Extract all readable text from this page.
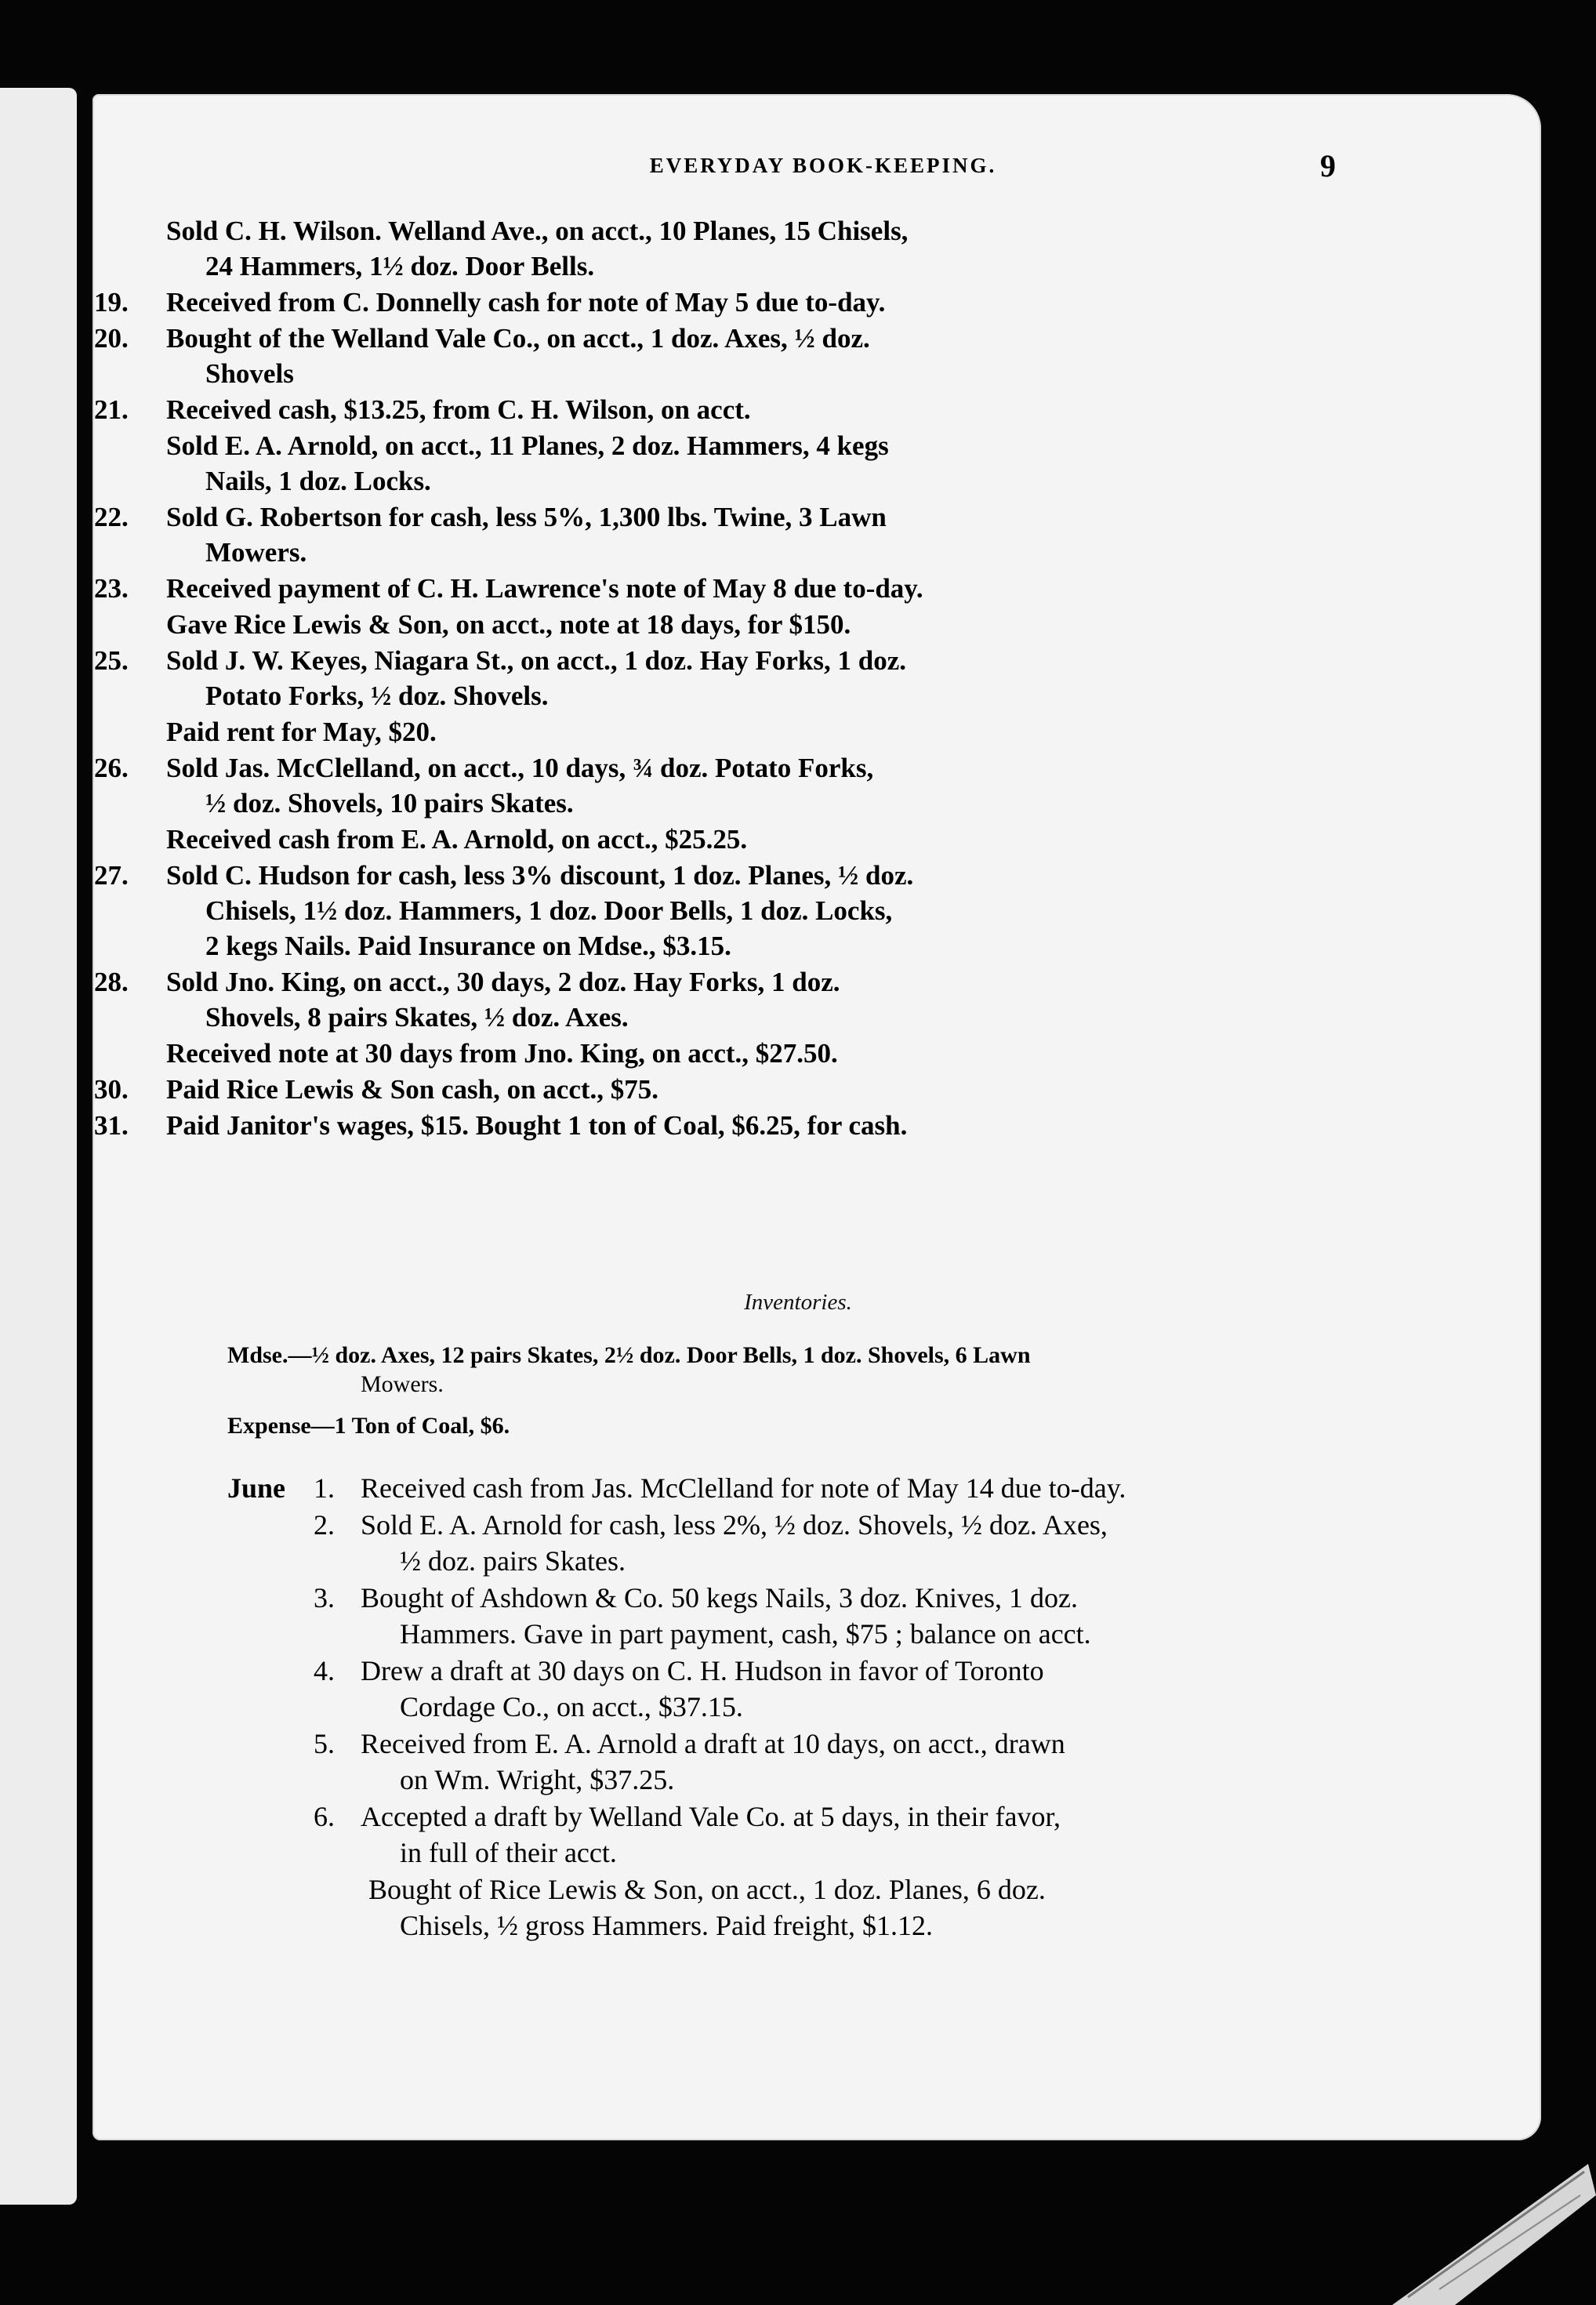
EVERYDAY BOOK-KEEPING.	9
Sold C. H. Wilson. Welland Ave., on acct., 10 Planes, 15 Chisels,
24 Hammers, 1½ doz. Door Bells.
19.	Received from C. Donnelly cash for note of May 5 due to-day.
20.	Bought of the Welland Vale Co., on acct., 1 doz. Axes, ½ doz.
Shovels
21.	Received cash, $13.25, from C. H. Wilson, on acct.
Sold E. A. Arnold, on acct., 11 Planes, 2 doz. Hammers, 4 kegs
Nails, 1 doz. Locks.
22.	Sold G. Robertson for cash, less 5%, 1,300 lbs. Twine, 3 Lawn
Mowers.
23.	Received payment of C. H. Lawrence's note of May 8 due to-day.
Gave Rice Lewis & Son, on acct., note at 18 days, for $150.
25.	Sold J. W. Keyes, Niagara St., on acct., 1 doz. Hay Forks, 1 doz.
Potato Forks, ½ doz. Shovels.
Paid rent for May, $20.
26.	Sold Jas. McClelland, on acct., 10 days, ¾ doz. Potato Forks,
½ doz. Shovels, 10 pairs Skates.
Received cash from E. A. Arnold, on acct., $25.25.
27.	Sold C. Hudson for cash, less 3% discount, 1 doz. Planes, ½ doz.
Chisels, 1½ doz. Hammers, 1 doz. Door Bells, 1 doz. Locks,
2 kegs Nails. Paid Insurance on Mdse., $3.15.
28.	Sold Jno. King, on acct., 30 days, 2 doz. Hay Forks, 1 doz.
Shovels, 8 pairs Skates, ½ doz. Axes.
Received note at 30 days from Jno. King, on acct., $27.50.
30.	Paid Rice Lewis & Son cash, on acct., $75.
31.	Paid Janitor's wages, $15. Bought 1 ton of Coal, $6.25, for cash.
Inventories.
Mdse.—½ doz. Axes, 12 pairs Skates, 2½ doz. Door Bells, 1 doz. Shovels, 6 Lawn
Mowers.
Expense—1 Ton of Coal, $6.
June 1. Received cash from Jas. McClelland for note of May 14 due to-day.
2. Sold E. A. Arnold for cash, less 2%, ½ doz. Shovels, ½ doz. Axes,
½ doz. pairs Skates.
3. Bought of Ashdown & Co. 50 kegs Nails, 3 doz. Knives, 1 doz.
Hammers. Gave in part payment, cash, $75 ; balance on acct.
4. Drew a draft at 30 days on C. H. Hudson in favor of Toronto
Cordage Co., on acct., $37.15.
5. Received from E. A. Arnold a draft at 10 days, on acct., drawn
on Wm. Wright, $37.25.
6. Accepted a draft by Welland Vale Co. at 5 days, in their favor,
in full of their acct.
Bought of Rice Lewis & Son, on acct., 1 doz. Planes, 6 doz.
Chisels, ½ gross Hammers. Paid freight, $1.12.
